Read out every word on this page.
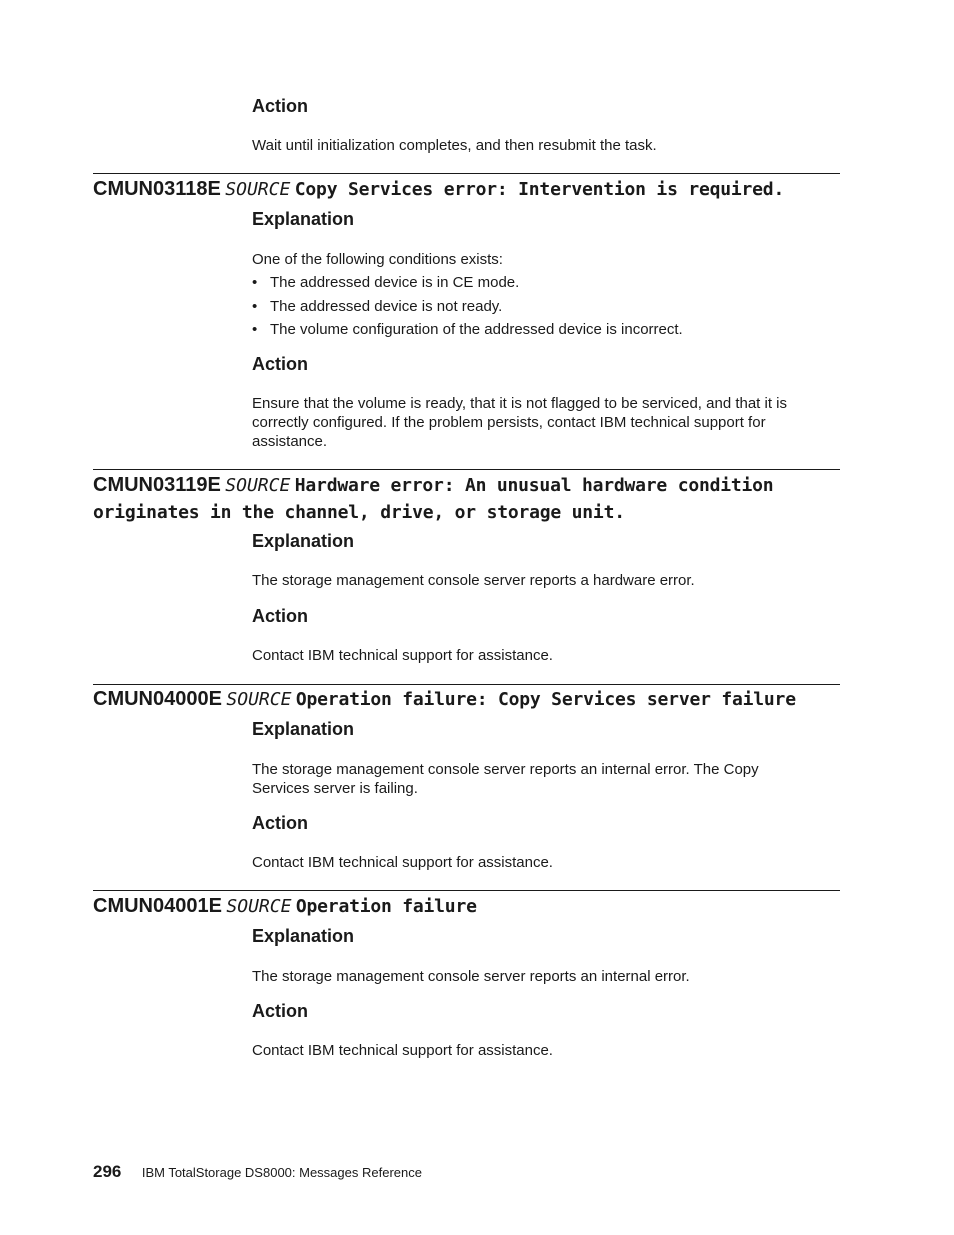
Action

Wait until initialization completes, and then resubmit the task.

CMUN03118E SOURCE Copy Services error: Intervention is required.
Explanation

One of the following conditions exists:

• The addressed device is in CE mode.
• The addressed device is not ready.
• The volume configuration of the addressed device is incorrect.
Action

Ensure that the volume is ready, that it is not flagged to be serviced, and that it is correctly configured. If the problem persists, contact IBM technical support for assistance.

CMUN03119E SOURCE Hardware error: An unusual hardware condition originates in the channel, drive, or storage unit.
Explanation

The storage management console server reports a hardware error.

Action

Contact IBM technical support for assistance.

CMUN04000E SOURCE Operation failure: Copy Services server failure
Explanation

The storage management console server reports an internal error. The Copy Services server is failing.

Action

Contact IBM technical support for assistance.

CMUN04001E SOURCE Operation failure
Explanation

The storage management console server reports an internal error.

Action

Contact IBM technical support for assistance.

296 IBM TotalStorage DS8000: Messages Reference
